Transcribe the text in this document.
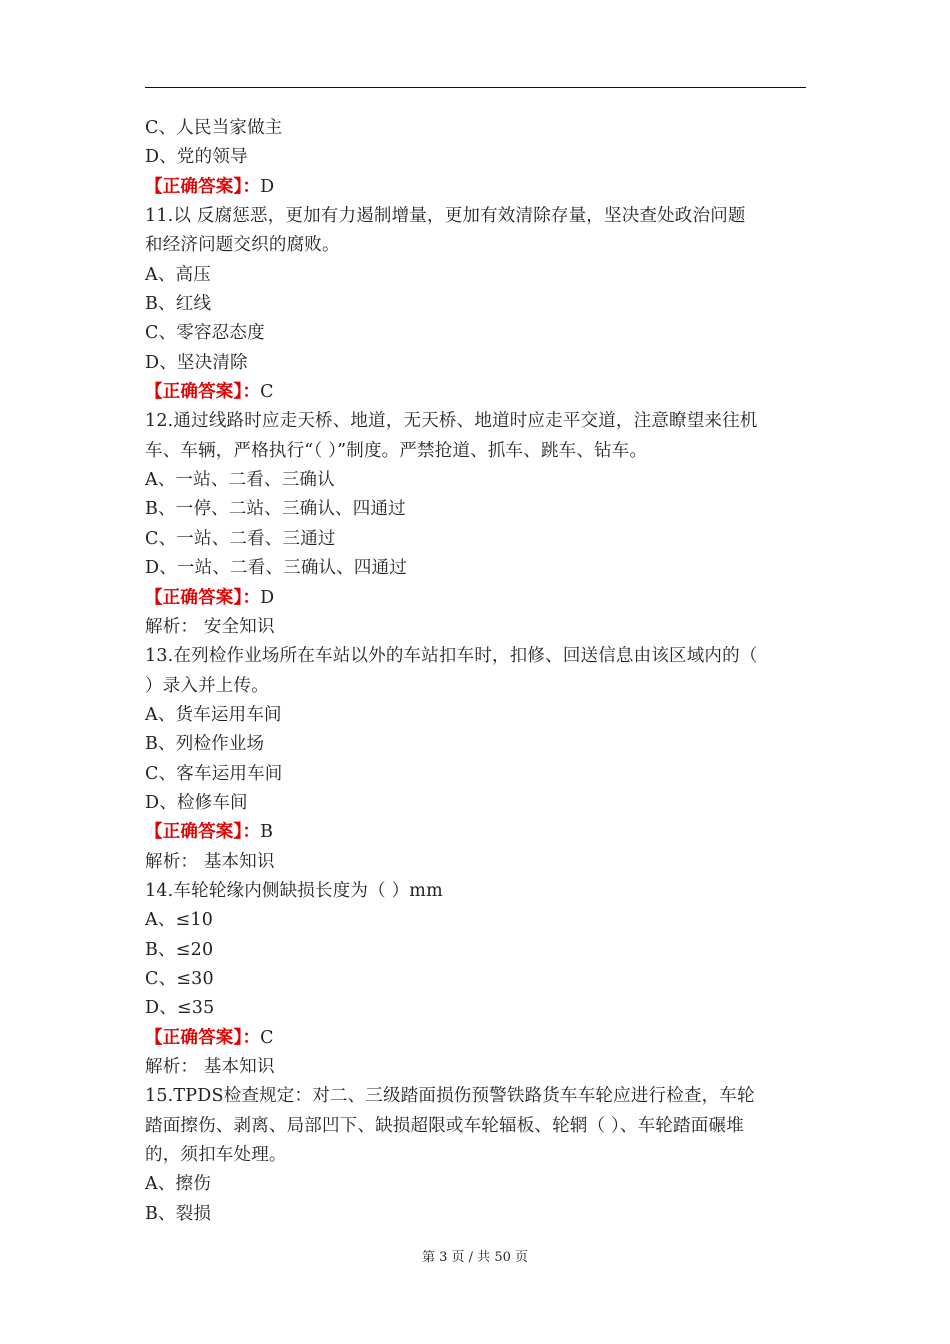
C、人民当家做主
D、党的领导
【正确答案】：D
11.以 反腐惩恶，更加有力遏制增量，更加有效清除存量，坚决查处政治问题
和经济问题交织的腐败。
A、高压
B、红线
C、零容忍态度
D、坚决清除
【正确答案】：C
12.通过线路时应走天桥、地道，无天桥、地道时应走平交道，注意瞭望来往机
车、车辆，严格执行“（ ）”制度。严禁抢道、抓车、跳车、钻车。
A、一站、二看、三确认
B、一停、二站、三确认、四通过
C、一站、二看、三通过
D、一站、二看、三确认、四通过
【正确答案】：D
解析： 安全知识
13.在列检作业场所在车站以外的车站扣车时，扣修、回送信息由该区域内的（
）录入并上传。
A、货车运用车间
B、列检作业场
C、客车运用车间
D、检修车间
【正确答案】：B
解析： 基本知识
14.车轮轮缘内侧缺损长度为（ ）mm
A、≤10
B、≤20
C、≤30
D、≤35
【正确答案】：C
解析： 基本知识
15.TPDS检查规定：对二、三级踏面损伤预警铁路货车车轮应进行检查，车轮
踏面擦伤、剥离、局部凹下、缺损超限或车轮辐板、轮辋（ ）、车轮踏面碾堆
的，须扣车处理。
A、擦伤
B、裂损
第 3 页 / 共 50 页
